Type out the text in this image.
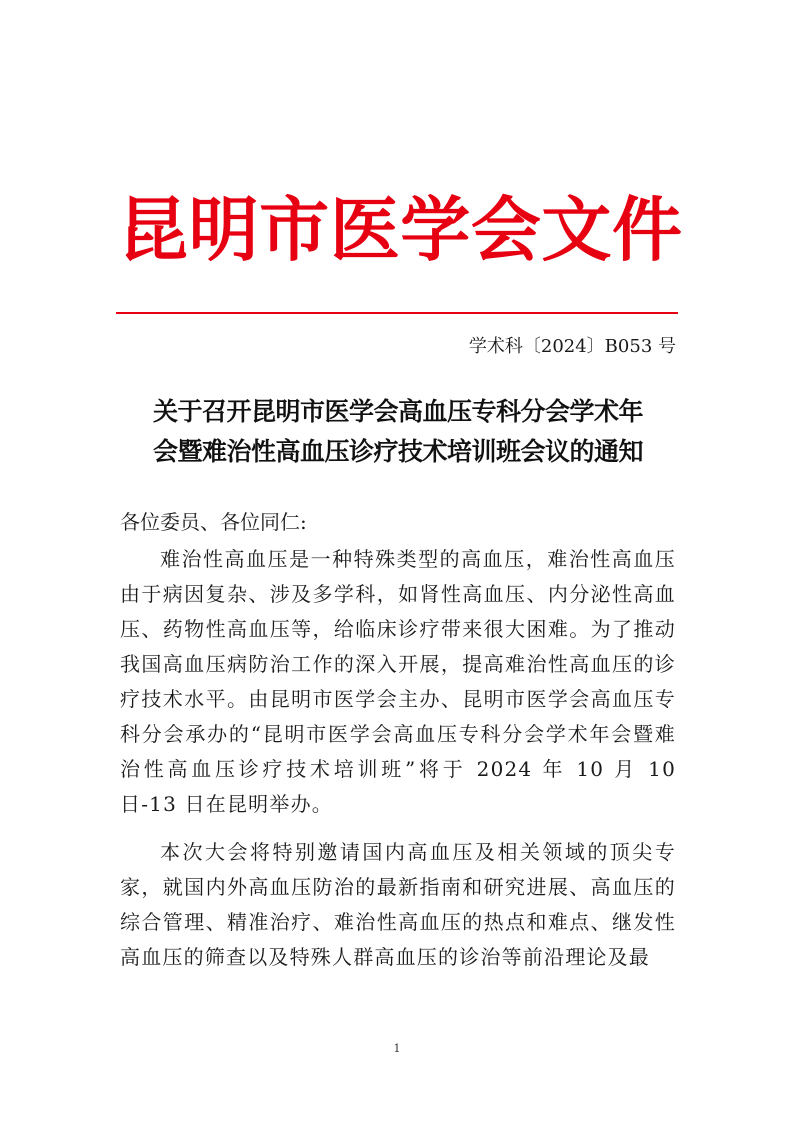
昆 明 市 医 学 会 文 件
学术科〔2024〕B053 号
关于召开昆明市医学会高血压专科分会学术年
会暨难治性高血压诊疗技术培训班会议的通知

各位委员、各位同仁:

难治性高血压是一种特殊类型的高血压，难治性高血压由于病因复杂、涉及多学科，如肾性高血压、内分泌性高血压、药物性高血压等，给临床诊疗带来很大困难。为了推动我国高血压病防治工作的深入开展，提高难治性高血压的诊疗技术水平。由昆明市医学会主办、昆明市医学会高血压专科分会承办的“昆明市医学会高血压专科分会学术年会暨难治性高血压诊疗技术培训班”将于 2024 年 10 月 10 日-13 日在昆明举办。

本次大会将特别邀请国内高血压及相关领域的顶尖专家，就国内外高血压防治的最新指南和研究进展、高血压的综合管理、精准治疗、难治性高血压的热点和难点、继发性高血压的筛查以及特殊人群高血压的诊治等前沿理论及最

1
